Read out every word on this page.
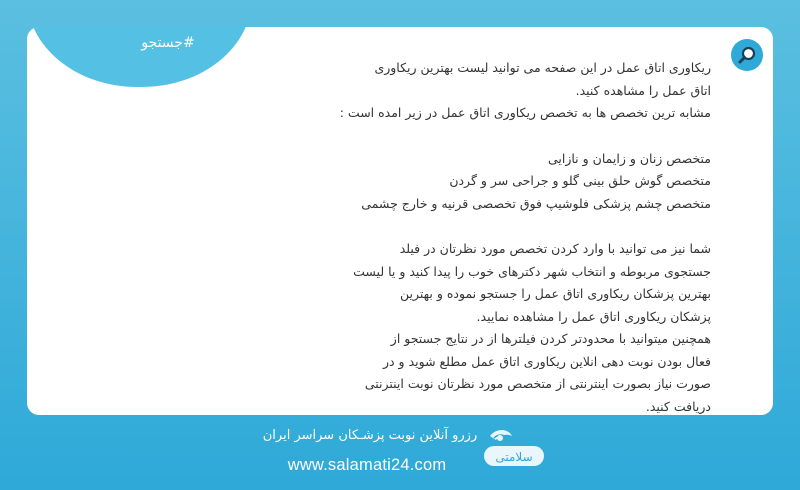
#جستجو
ریکاوری اتاق عمل در این صفحه می توانید لیست بهترین ریکاوری
اتاق عمل را مشاهده کنید.
مشابه ترین تخصص ها به تخصص ریکاوری اتاق عمل در زیر امده است :
متخصص زنان و زایمان و نازایی
متخصص گوش حلق بینی گلو و جراحی سر و گردن
متخصص چشم پزشکی فلوشیپ فوق تخصصی قرنیه و خارج چشمی
شما نیز می توانید با وارد کردن تخصص مورد نظرتان در فیلد
جستجوی مربوطه و انتخاب شهر دکترهای خوب را پیدا کنید و یا لیست
بهترین پزشکان ریکاوری اتاق عمل را جستجو نموده و بهترین
پزشکان ریکاوری اتاق عمل را مشاهده نمایید.
همچنین میتوانید با محدودتر کردن فیلترها از در نتایج جستجو از
فعال بودن نوبت دهی انلاین ریکاوری اتاق عمل مطلع شوید و در
صورت نیاز بصورت اینترنتی از متخصص مورد نظرتان نوبت اینترنتی
دریافت کنید.
رزرو آنلاین نوبت پزشـکان سراسر ایران
www.salamati24.com	سلامتی
